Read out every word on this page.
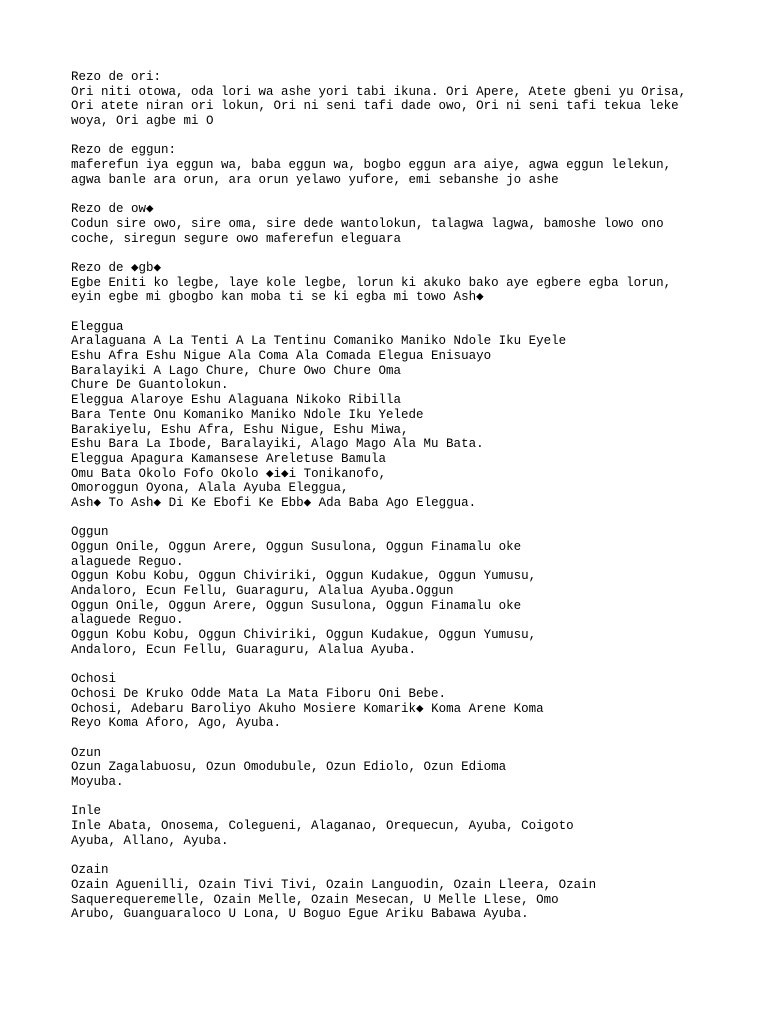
Rezo de ori:
Ori niti otowa, oda lori wa ashe yori tabi ikuna. Ori Apere, Atete gbeni yu Orisa,
Ori atete niran ori lokun, Ori ni seni tafi dade owo, Ori ni seni tafi tekua leke
woya, Ori agbe mi O
Rezo de eggun:
maferefun iya eggun wa, baba eggun wa, bogbo eggun ara aiye, agwa eggun lelekun,
agwa banle ara orun, ara orun yelawo yufore, emi sebanshe jo ashe
Rezo de ow◆
Codun sire owo, sire oma, sire dede wantolokun, talagwa lagwa, bamoshe lowo ono
coche, siregun segure owo maferefun eleguara
Rezo de ◆gb◆
Egbe Eniti ko legbe, laye kole legbe, lorun ki akuko bako aye egbere egba lorun,
eyin egbe mi gbogbo kan moba ti se ki egba mi towo Ash◆
Eleggua
Aralaguana A La Tenti A La Tentinu Comaniko Maniko Ndole Iku Eyele
Eshu Afra Eshu Nigue Ala Coma Ala Comada Elegua Enisuayo
Baralayiki A Lago Chure, Chure Owo Chure Oma
Chure De Guantolokun.
Eleggua Alaroye Eshu Alaguana Nikoko Ribilla
Bara Tente Onu Komaniko Maniko Ndole Iku Yelede
Barakiyelu, Eshu Afra, Eshu Nigue, Eshu Miwa,
Eshu Bara La Ibode, Baralayiki, Alago Mago Ala Mu Bata.
Eleggua Apagura Kamansese Areletuse Bamula
Omu Bata Okolo Fofo Okolo ◆i◆i Tonikanofo,
Omoroggun Oyona, Alala Ayuba Eleggua,
Ash◆ To Ash◆ Di Ke Ebofi Ke Ebb◆ Ada Baba Ago Eleggua.
Oggun
Oggun Onile, Oggun Arere, Oggun Susulona, Oggun Finamalu oke
alaguede Reguo.
Oggun Kobu Kobu, Oggun Chiviriki, Oggun Kudakue, Oggun Yumusu,
Andaloro, Ecun Fellu, Guaraguru, Alalua Ayuba.Oggun
Oggun Onile, Oggun Arere, Oggun Susulona, Oggun Finamalu oke
alaguede Reguo.
Oggun Kobu Kobu, Oggun Chiviriki, Oggun Kudakue, Oggun Yumusu,
Andaloro, Ecun Fellu, Guaraguru, Alalua Ayuba.
Ochosi
Ochosi De Kruko Odde Mata La Mata Fiboru Oni Bebe.
Ochosi, Adebaru Baroliyo Akuho Mosiere Komarik◆ Koma Arene Koma
Reyo Koma Aforo, Ago, Ayuba.
Ozun
Ozun Zagalabuosu, Ozun Omodubule, Ozun Ediolo, Ozun Edioma
Moyuba.
Inle
Inle Abata, Onosema, Colegueni, Alaganao, Orequecun, Ayuba, Coigoto
Ayuba, Allano, Ayuba.
Ozain
Ozain Aguenilli, Ozain Tivi Tivi, Ozain Languodin, Ozain Lleera, Ozain
Saquerequeremelle, Ozain Melle, Ozain Mesecan, U Melle Llese, Omo
Arubo, Guanguaraloco U Lona, U Boguo Egue Ariku Babawa Ayuba.
